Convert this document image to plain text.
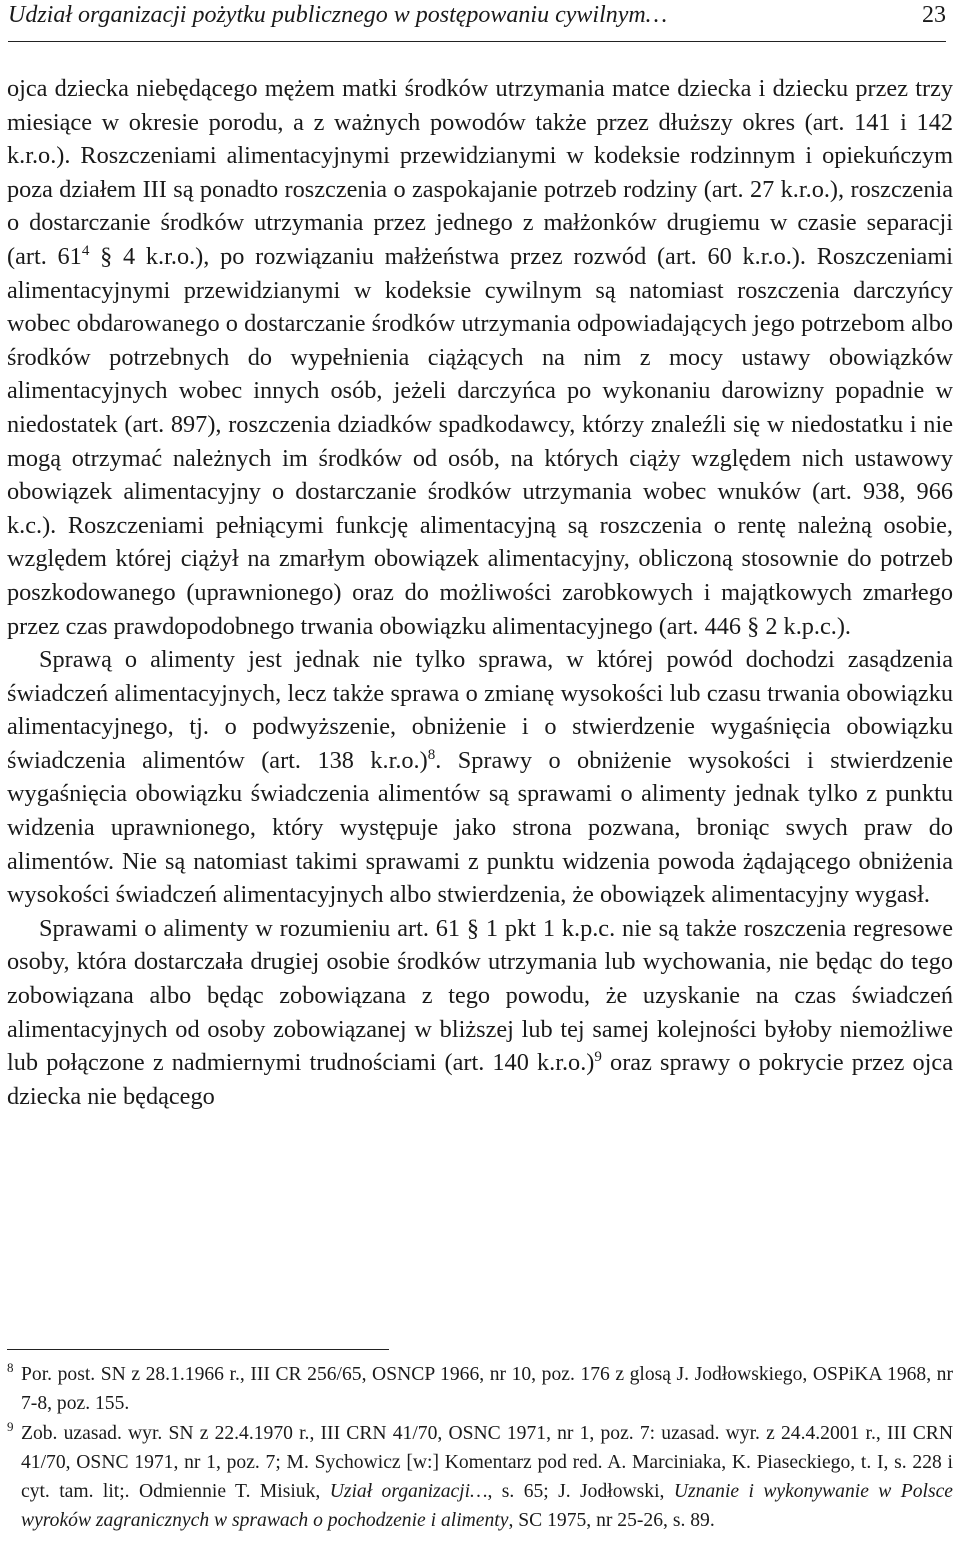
Udział organizacji pożytku publicznego w postępowaniu cywilnym…	23

ojca dziecka niebędącego mężem matki środków utrzymania matce dziecka i dziecku przez trzy miesiące w okresie porodu, a z ważnych powodów także przez dłuższy okres (art. 141 i 142 k.r.o.). Roszczeniami alimentacyjnymi przewidzianymi w kodeksie rodzinnym i opiekuńczym poza działem III są ponadto roszczenia o zaspokajanie potrzeb rodziny (art. 27 k.r.o.), roszczenia o dostarczanie środków utrzymania przez jednego z małżonków drugiemu w czasie separacji (art. $61^4$ § 4 k.r.o.), po rozwiązaniu małżeństwa przez rozwód (art. 60 k.r.o.). Roszczeniami alimentacyjnymi przewidzianymi w kodeksie cywilnym są natomiast roszczenia darczyńcy wobec obdarowanego o dostarczanie środków utrzymania odpowiadających jego potrzebom albo środków potrzebnych do wypełnienia ciążących na nim z mocy ustawy obowiązków alimentacyjnych wobec innych osób, jeżeli darczyńca po wykonaniu darowizny popadnie w niedostatek (art. 897), roszczenia dziadków spadkodawcy, którzy znaleźli się w niedostatku i nie mogą otrzymać należnych im środków od osób, na których ciąży względem nich ustawowy obowiązek alimentacyjny o dostarczanie środków utrzymania wobec wnuków (art. 938, 966 k.c.). Roszczeniami pełniącymi funkcję alimentacyjną są roszczenia o rentę należną osobie, względem której ciążył na zmarłym obowiązek alimentacyjny, obliczoną stosownie do potrzeb poszkodowanego (uprawnionego) oraz do możliwości zarobkowych i majątkowych zmarłego przez czas prawdopodobnego trwania obowiązku alimentacyjnego (art. 446 § 2 k.p.c.).

Sprawą o alimenty jest jednak nie tylko sprawa, w której powód dochodzi zasądzenia świadczeń alimentacyjnych, lecz także sprawa o zmianę wysokości lub czasu trwania obowiązku alimentacyjnego, tj. o podwyższenie, obniżenie i o stwierdzenie wygaśnięcia obowiązku świadczenia alimentów (art. 138 k.r.o.)$^8$. Sprawy o obniżenie wysokości i stwierdzenie wygaśnięcia obowiązku świadczenia alimentów są sprawami o alimenty jednak tylko z punktu widzenia uprawnionego, który występuje jako strona pozwana, broniąc swych praw do alimentów. Nie są natomiast takimi sprawami z punktu widzenia powoda żądającego obniżenia wysokości świadczeń alimentacyjnych albo stwierdzenia, że obowiązek alimentacyjny wygasł.

Sprawami o alimenty w rozumieniu art. 61 § 1 pkt 1 k.p.c. nie są także roszczenia regresowe osoby, która dostarczała drugiej osobie środków utrzymania lub wychowania, nie będąc do tego zobowiązana albo będąc zobowiązana z tego powodu, że uzyskanie na czas świadczeń alimentacyjnych od osoby zobowiązanej w bliższej lub tej samej kolejności byłoby niemożliwe lub połączone z nadmiernymi trudnościami (art. 140 k.r.o.)$^9$ oraz sprawy o pokrycie przez ojca dziecka nie będącego

8 Por. post. SN z 28.1.1966 r., III CR 256/65, OSNCP 1966, nr 10, poz. 176 z glosą J. Jodłowskiego, OSPiKA 1968, nr 7-8, poz. 155.

9 Zob. uzasad. wyr. SN z 22.4.1970 r., III CRN 41/70, OSNC 1971, nr 1, poz. 7: uzasad. wyr. z 24.4.2001 r., III CRN 41/70, OSNC 1971, nr 1, poz. 7; M. Sychowicz [w:] Komentarz pod red. A. Marciniaka, K. Piaseckiego, t. I, s. 228 i cyt. tam. lit;. Odmiennie T. Misiuk, Uział organizacji…, s. 65; J. Jodłowski, Uznanie i wykonywanie w Polsce wyroków zagranicznych w sprawach o pochodzenie i alimenty, SC 1975, nr 25-26, s. 89.
